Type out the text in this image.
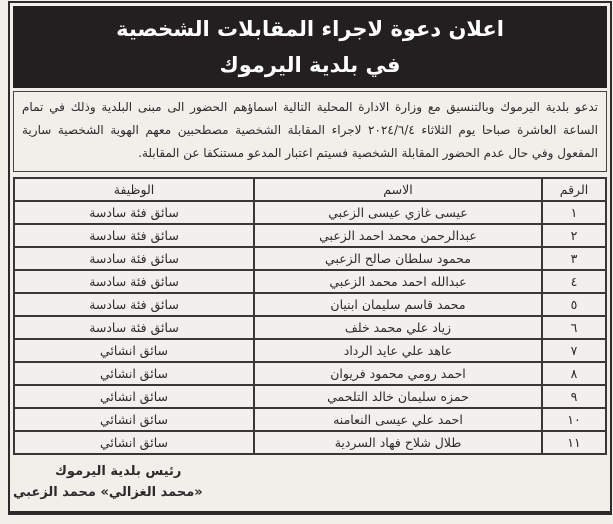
اعلان دعوة لاجراء المقابلات الشخصية
في بلدية اليرموك

تدعو بلدية اليرموك وبالتنسيق مع وزارة الادارة المحلية التالية اسماؤهم الحضور الى مبنى البلدية وذلك في تمام الساعة العاشرة صباحا يوم الثلاثاء ٢٠٢٤/٦/٤ لاجراء المقابلة الشخصية مصطحبين معهم الهوية الشخصية سارية المفعول وفي حال عدم الحضور المقابلة الشخصية فسيتم اعتبار المدعو مستنكفا عن المقابلة.

الرقم	الاسم	الوظيفة
١	عيسى غازي عيسى الزعبي	سائق فئة سادسة
٢	عبدالرحمن محمد احمد الزعبي	سائق فئة سادسة
٣	محمود سلطان صالح الزعبي	سائق فئة سادسة
٤	عبدالله احمد محمد الزعبي	سائق فئة سادسة
٥	محمد قاسم سليمان ابنيان	سائق فئة سادسة
٦	زياد علي محمد خلف	سائق فئة سادسة
٧	عاهد علي عايد الرداد	سائق انشائي
٨	احمد رومي محمود فريوان	سائق انشائي
٩	حمزه سليمان خالد التلحمي	سائق انشائي
١٠	احمد علي عيسى النعامنه	سائق انشائي
١١	طلال شلاح فهاد السردية	سائق انشائي
رئيس بلدية اليرموك
«محمد الغزالي» محمد الزعبي
